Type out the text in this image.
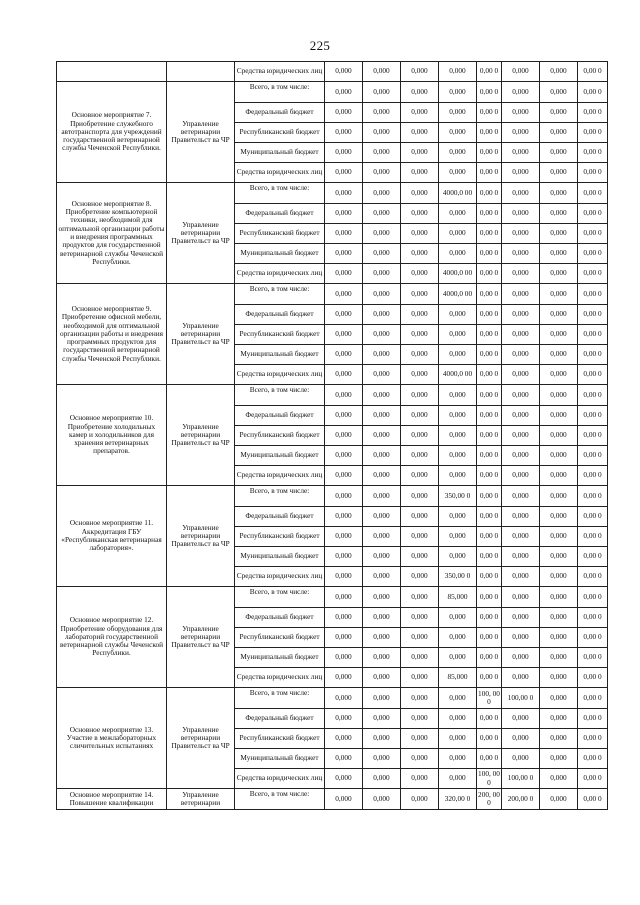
225
		Средства юридических лиц	0,000	0,000	0,000	0,000	0,00 0	0,000	0,000	0,00 0
Основное мероприятие 7. Приобретение служебного автотранспорта для учреждений государственной ветеринарной службы Чеченской Республики.	Управление ветеринарии Правительст ва ЧР	Всего, в том числе:	0,000	0,000	0,000	0,000	0,00 0	0,000	0,000	0,00 0
		Федеральный бюджет	0,000	0,000	0,000	0,000	0,00 0	0,000	0,000	0,00 0
		Республиканский бюджет	0,000	0,000	0,000	0,000	0,00 0	0,000	0,000	0,00 0
		Муниципальный бюджет	0,000	0,000	0,000	0,000	0,00 0	0,000	0,000	0,00 0
		Средства юридических лиц	0,000	0,000	0,000	0,000	0,00 0	0,000	0,000	0,00 0
Основное мероприятие 8. Приобретение компьютерной техники, необходимой для оптимальной организации работы и внедрения программных продуктов для государственной ветеринарной службы Чеченской Республики.	Управление ветеринарии Правительст ва ЧР	Всего, в том числе:	0,000	0,000	0,000	4000,0 00	0,00 0	0,000	0,000	0,00 0
		Федеральный бюджет	0,000	0,000	0,000	0,000	0,00 0	0,000	0,000	0,00 0
		Республиканский бюджет	0,000	0,000	0,000	0,000	0,00 0	0,000	0,000	0,00 0
		Муниципальный бюджет	0,000	0,000	0,000	0,000	0,00 0	0,000	0,000	0,00 0
		Средства юридических лиц	0,000	0,000	0,000	4000,0 00	0,00 0	0,000	0,000	0,00 0
Основное мероприятие 9. Приобретение офисной мебели, необходимой для оптимальной организации работы и внедрения программных продуктов для государственной ветеринарной службы Чеченской Республики.	Управление ветеринарии Правительст ва ЧР	Всего, в том числе:	0,000	0,000	0,000	4000,0 00	0,00 0	0,000	0,000	0,00 0
		Федеральный бюджет	0,000	0,000	0,000	0,000	0,00 0	0,000	0,000	0,00 0
		Республиканский бюджет	0,000	0,000	0,000	0,000	0,00 0	0,000	0,000	0,00 0
		Муниципальный бюджет	0,000	0,000	0,000	0,000	0,00 0	0,000	0,000	0,00 0
		Средства юридических лиц	0,000	0,000	0,000	4000,0 00	0,00 0	0,000	0,000	0,00 0
Основное мероприятие 10. Приобретение холодильных камер и холодильников для хранения ветеринарных препаратов.	Управление ветеринарии Правительст ва ЧР	Всего, в том числе:	0,000	0,000	0,000	0,000	0,00 0	0,000	0,000	0,00 0
		Федеральный бюджет	0,000	0,000	0,000	0,000	0,00 0	0,000	0,000	0,00 0
		Республиканский бюджет	0,000	0,000	0,000	0,000	0,00 0	0,000	0,000	0,00 0
		Муниципальный бюджет	0,000	0,000	0,000	0,000	0,00 0	0,000	0,000	0,00 0
		Средства юридических лиц	0,000	0,000	0,000	0,000	0,00 0	0,000	0,000	0,00 0
Основное мероприятие 11. Аккредитация ГБУ «Республиканская ветеринарная лаборатория».	Управление ветеринарии Правительст ва ЧР	Всего, в том числе:	0,000	0,000	0,000	350,00 0	0,00 0	0,000	0,000	0,00 0
		Федеральный бюджет	0,000	0,000	0,000	0,000	0,00 0	0,000	0,000	0,00 0
		Республиканский бюджет	0,000	0,000	0,000	0,000	0,00 0	0,000	0,000	0,00 0
		Муниципальный бюджет	0,000	0,000	0,000	0,000	0,00 0	0,000	0,000	0,00 0
		Средства юридических лиц	0,000	0,000	0,000	350,00 0	0,00 0	0,000	0,000	0,00 0
Основное мероприятие 12. Приобретение оборудования для лабораторий государственной ветеринарной службы Чеченской Республики.	Управление ветеринарии Правительст ва ЧР	Всего, в том числе:	0,000	0,000	0,000	85,000	0,00 0	0,000	0,000	0,00 0
		Федеральный бюджет	0,000	0,000	0,000	0,000	0,00 0	0,000	0,000	0,00 0
		Республиканский бюджет	0,000	0,000	0,000	0,000	0,00 0	0,000	0,000	0,00 0
		Муниципальный бюджет	0,000	0,000	0,000	0,000	0,00 0	0,000	0,000	0,00 0
		Средства юридических лиц	0,000	0,000	0,000	85,000	0,00 0	0,000	0,000	0,00 0
Основное мероприятие 13. Участие в межлабораторных сличительных испытаниях	Управление ветеринарии Правительст ва ЧР	Всего, в том числе:	0,000	0,000	0,000	0,000	100, 000	100,00 0	0,000	0,00 0
		Федеральный бюджет	0,000	0,000	0,000	0,000	0,00 0	0,000	0,000	0,00 0
		Республиканский бюджет	0,000	0,000	0,000	0,000	0,00 0	0,000	0,000	0,00 0
		Муниципальный бюджет	0,000	0,000	0,000	0,000	0,00 0	0,000	0,000	0,00 0
		Средства юридических лиц	0,000	0,000	0,000	0,000	100, 000	100,00 0	0,000	0,00 0
Основное мероприятие 14. Повышение квалификации	Управление ветеринарии	Всего, в том числе:	0,000	0,000	0,000	320,00 0	200, 000	200,00 0	0,000	0,00 0
